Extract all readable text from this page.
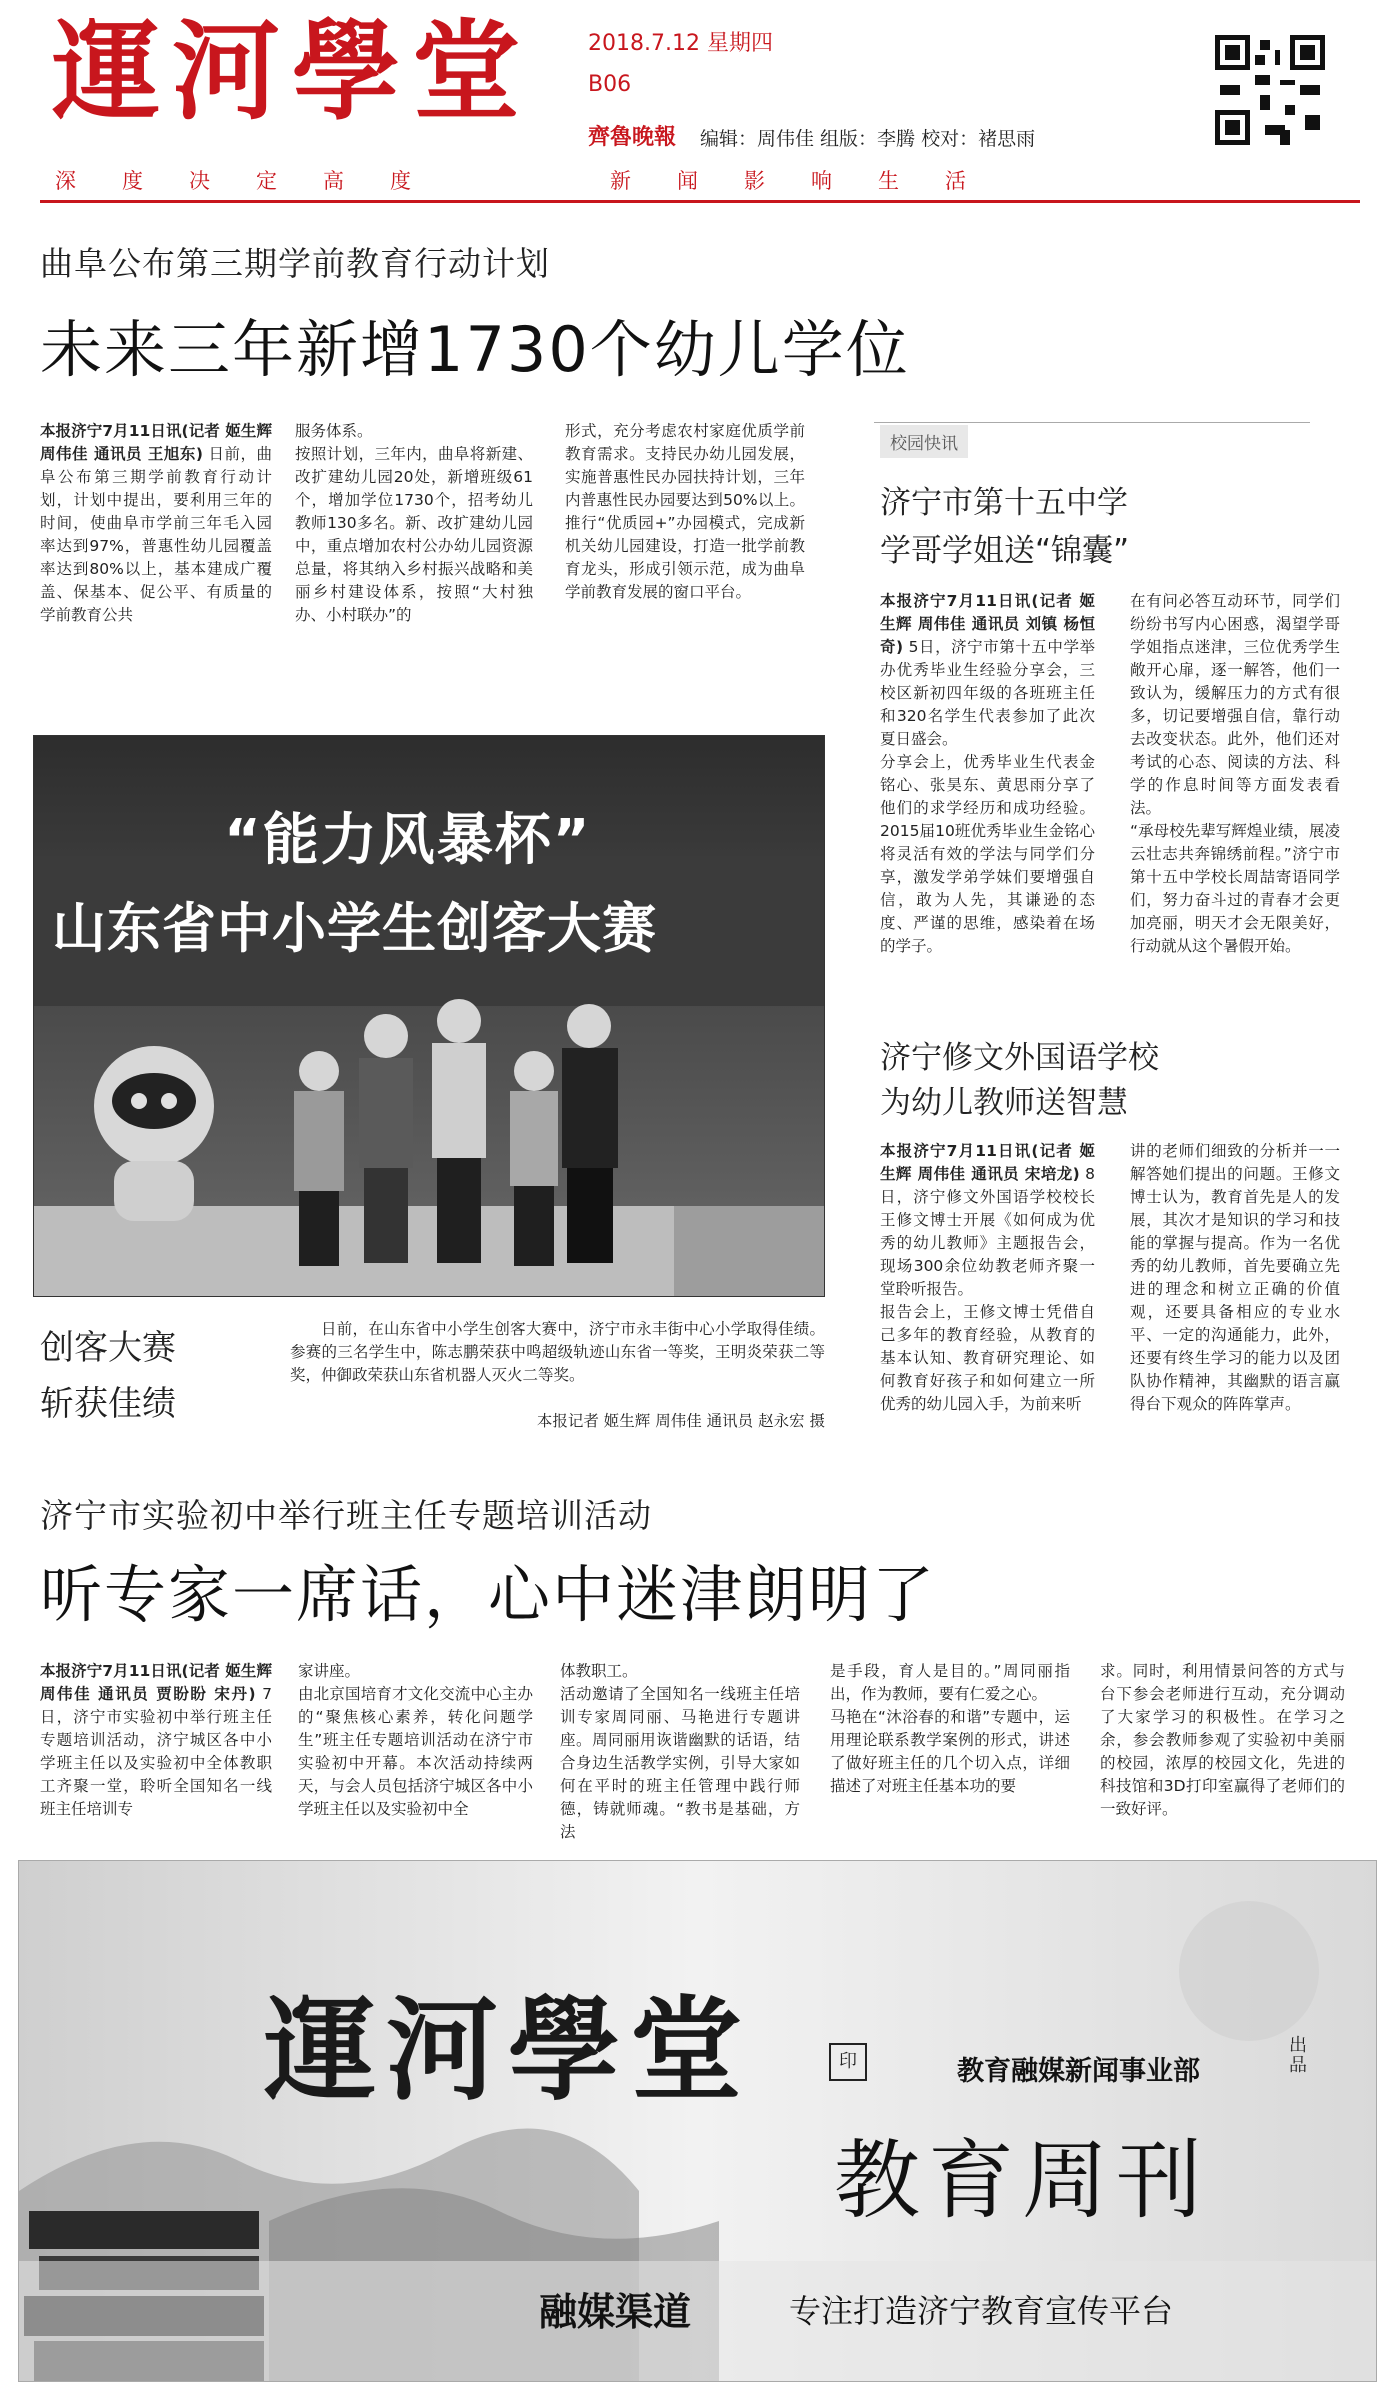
運河學堂	2018.7.12 星期四
B06
齊魯晚報 编辑：周伟佳 组版：李腾 校对：褚思雨
深度决定高度	新闻影响生活
曲阜公布第三期学前教育行动计划
未来三年新增1730个幼儿学位
本报济宁7月11日讯(记者 姬生辉 周伟佳 通讯员 王旭东) 日前，曲阜公布第三期学前教育行动计划，计划中提出，要利用三年的时间，使曲阜市学前三年毛入园率达到97%，普惠性幼儿园覆盖率达到80%以上，基本建成广覆盖、保基本、促公平、有质量的学前教育公共
服务体系。
按照计划，三年内，曲阜将新建、改扩建幼儿园20处，新增班级61个，增加学位1730个，招考幼儿教师130多名。新、改扩建幼儿园中，重点增加农村公办幼儿园资源总量，将其纳入乡村振兴战略和美丽乡村建设体系，按照“大村独办、小村联办”的
形式，充分考虑农村家庭优质学前教育需求。支持民办幼儿园发展，实施普惠性民办园扶持计划，三年内普惠性民办园要达到50%以上。推行“优质园+”办园模式，完成新机关幼儿园建设，打造一批学前教育龙头，形成引领示范，成为曲阜学前教育发展的窗口平台。
“能力风暴杯”
山东省中小学生创客大赛
创客大赛
斩获佳绩
日前，在山东省中小学生创客大赛中，济宁市永丰街中心小学取得佳绩。参赛的三名学生中，陈志鹏荣获中鸣超级轨迹山东省一等奖，王明炎荣获二等奖，仲御政荣获山东省机器人灭火二等奖。
本报记者 姬生辉 周伟佳 通讯员 赵永宏 摄
校园快讯
济宁市第十五中学
学哥学姐送“锦囊”
本报济宁7月11日讯(记者 姬生辉 周伟佳 通讯员 刘镇 杨恒奇) 5日，济宁市第十五中学举办优秀毕业生经验分享会，三校区新初四年级的各班班主任和320名学生代表参加了此次夏日盛会。
分享会上，优秀毕业生代表金铭心、张昊东、黄思雨分享了他们的求学经历和成功经验。2015届10班优秀毕业生金铭心将灵活有效的学法与同学们分享，激发学弟学妹们要增强自信，敢为人先，其谦逊的态度、严谨的思维，感染着在场的学子。
在有问必答互动环节，同学们纷纷书写内心困惑，渴望学哥学姐指点迷津，三位优秀学生敞开心扉，逐一解答，他们一致认为，缓解压力的方式有很多，切记要增强自信，靠行动去改变状态。此外，他们还对考试的心态、阅读的方法、科学的作息时间等方面发表看法。
“承母校先辈写辉煌业绩，展凌云壮志共奔锦绣前程。”济宁市第十五中学校长周喆寄语同学们，努力奋斗过的青春才会更加亮丽，明天才会无限美好，行动就从这个暑假开始。
济宁修文外国语学校
为幼儿教师送智慧
本报济宁7月11日讯(记者 姬生辉 周伟佳 通讯员 宋培龙) 8日，济宁修文外国语学校校长王修文博士开展《如何成为优秀的幼儿教师》主题报告会，现场300余位幼教老师齐聚一堂聆听报告。
报告会上，王修文博士凭借自己多年的教育经验，从教育的基本认知、教育研究理论、如何教育好孩子和如何建立一所优秀的幼儿园入手，为前来听
讲的老师们细致的分析并一一解答她们提出的问题。王修文博士认为，教育首先是人的发展，其次才是知识的学习和技能的掌握与提高。作为一名优秀的幼儿教师，首先要确立先进的理念和树立正确的价值观，还要具备相应的专业水平、一定的沟通能力，此外，还要有终生学习的能力以及团队协作精神，其幽默的语言赢得台下观众的阵阵掌声。
济宁市实验初中举行班主任专题培训活动
听专家一席话，心中迷津朗明了
本报济宁7月11日讯(记者 姬生辉 周伟佳 通讯员 贾盼盼 宋丹) 7日，济宁市实验初中举行班主任专题培训活动，济宁城区各中小学班主任以及实验初中全体教职工齐聚一堂，聆听全国知名一线班主任培训专
家讲座。
由北京国培育才文化交流中心主办的“聚焦核心素养，转化问题学生”班主任专题培训活动在济宁市实验初中开幕。本次活动持续两天，与会人员包括济宁城区各中小学班主任以及实验初中全
体教职工。
活动邀请了全国知名一线班主任培训专家周同丽、马艳进行专题讲座。周同丽用诙谐幽默的话语，结合身边生活教学实例，引导大家如何在平时的班主任管理中践行师德，铸就师魂。“教书是基础，方法
是手段，育人是目的。”周同丽指出，作为教师，要有仁爱之心。
马艳在“沐浴春的和谐”专题中，运用理论联系教学案例的形式，讲述了做好班主任的几个切入点，详细描述了对班主任基本功的要
求。同时，利用情景问答的方式与台下参会老师进行互动，充分调动了大家学习的积极性。在学习之余，参会教师参观了实验初中美丽的校园，浓厚的校园文化，先进的科技馆和3D打印室赢得了老师们的一致好评。
運河學堂	印	教育融媒新闻事业部
出品
教育周刊
融媒渠道	专注打造济宁教育宣传平台
